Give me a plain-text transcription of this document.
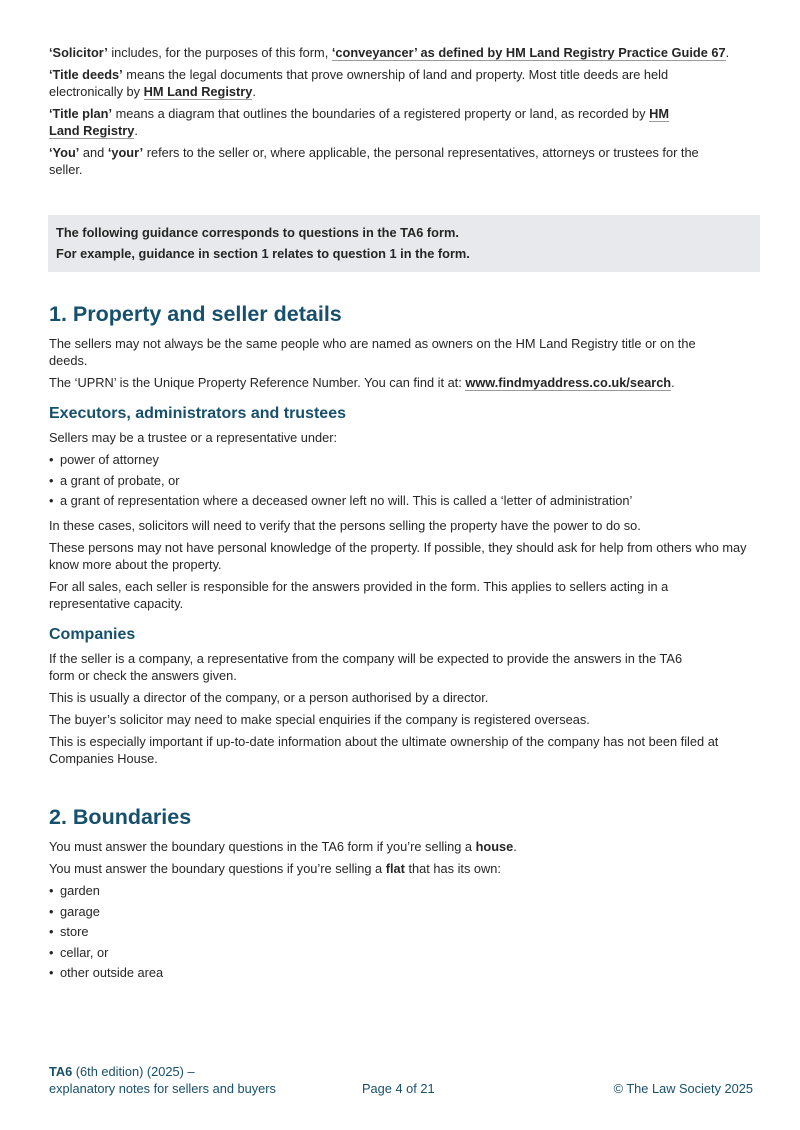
‘Solicitor’ includes, for the purposes of this form, ‘conveyancer’ as defined by HM Land Registry Practice Guide 67.

‘Title deeds’ means the legal documents that prove ownership of land and property. Most title deeds are held electronically by HM Land Registry.

‘Title plan’ means a diagram that outlines the boundaries of a registered property or land, as recorded by HM Land Registry.

‘You’ and ‘your’ refers to the seller or, where applicable, the personal representatives, attorneys or trustees for the seller.

The following guidance corresponds to questions in the TA6 form.

For example, guidance in section 1 relates to question 1 in the form.

1. Property and seller details

The sellers may not always be the same people who are named as owners on the HM Land Registry title or on the deeds.

The ‘UPRN’ is the Unique Property Reference Number. You can find it at: www.findmyaddress.co.uk/search.

Executors, administrators and trustees

Sellers may be a trustee or a representative under:

• power of attorney
• a grant of probate, or
• a grant of representation where a deceased owner left no will. This is called a ‘letter of administration’

In these cases, solicitors will need to verify that the persons selling the property have the power to do so.

These persons may not have personal knowledge of the property. If possible, they should ask for help from others who may know more about the property.

For all sales, each seller is responsible for the answers provided in the form. This applies to sellers acting in a representative capacity.

Companies

If the seller is a company, a representative from the company will be expected to provide the answers in the TA6 form or check the answers given.

This is usually a director of the company, or a person authorised by a director.

The buyer’s solicitor may need to make special enquiries if the company is registered overseas.

This is especially important if up-to-date information about the ultimate ownership of the company has not been filed at Companies House.

2. Boundaries

You must answer the boundary questions in the TA6 form if you’re selling a house.

You must answer the boundary questions if you’re selling a flat that has its own:

• garden
• garage
• store
• cellar, or
• other outside area
TA6 (6th edition) (2025) –
explanatory notes for sellers and buyers	Page 4 of 21	© The Law Society 2025
